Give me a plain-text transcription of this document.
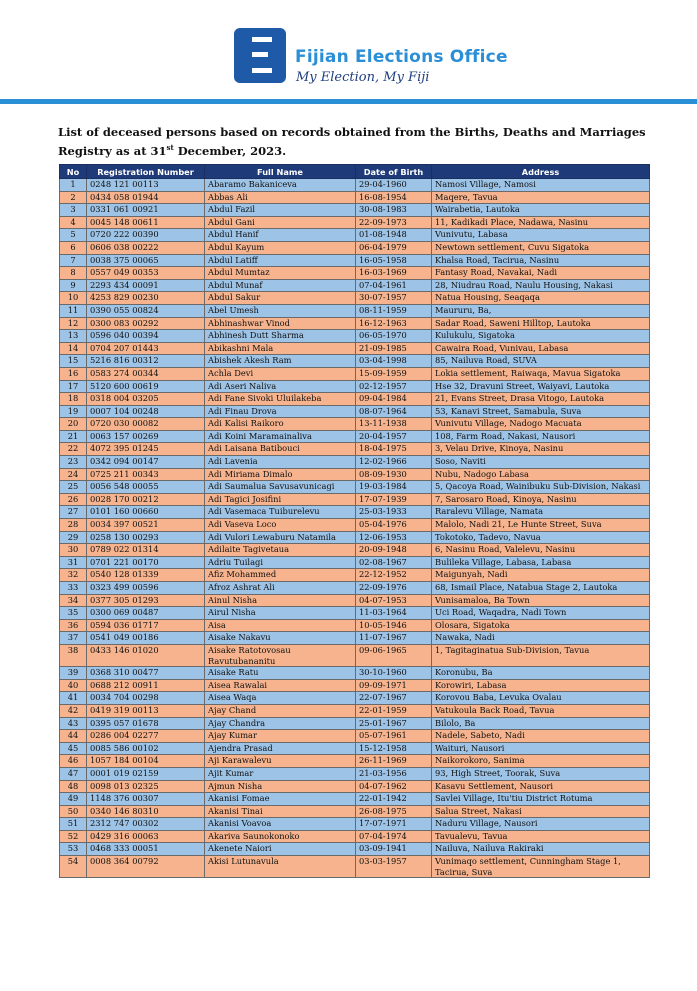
Fijian Elections Office
My Election, My Fiji
List of deceased persons based on records obtained from the Births, Deaths and Marriages Registry as at 31st December, 2023.
No	Registration Number	Full Name	Date of Birth	Address
1	0248 121 00113	Abaramo Bakaniceva	29-04-1960	Namosi Village, Namosi
2	0434 058 01944	Abbas Ali	16-08-1954	Maqere, Tavua
3	0331 061 00921	Abdul Fazil	30-08-1983	Wairabetia, Lautoka
4	0045 148 00611	Abdul Gani	22-09-1973	11, Kadikadi Place, Nadawa, Nasinu
5	0720 222 00390	Abdul Hanif	01-08-1948	Vunivutu, Labasa
6	0606 038 00222	Abdul Kayum	06-04-1979	Newtown settlement, Cuvu Sigatoka
7	0038 375 00065	Abdul Latiff	16-05-1958	Khalsa Road, Tacirua, Nasinu
8	0557 049 00353	Abdul Mumtaz	16-03-1969	Fantasy Road, Navakai, Nadi
9	2293 434 00091	Abdul Munaf	07-04-1961	28, Niudrau Road, Naulu Housing, Nakasi
10	4253 829 00230	Abdul Sakur	30-07-1957	Natua Housing, Seaqaqa
11	0390 055 00824	Abel Umesh	08-11-1959	Maururu, Ba,
12	0300 083 00292	Abhinashwar Vinod	16-12-1963	Sadar Road, Saweni Hilltop, Lautoka
13	0596 040 00394	Abhinesh Dutt Sharma	06-05-1970	Kulukulu, Sigatoka
14	0704 207 01443	Abikashni Mala	21-09-1985	Cawaira Road, Vunivau, Labasa
15	5216 816 00312	Abishek Akesh Ram	03-04-1998	85, Nailuva Road, SUVA
16	0583 274 00344	Achla Devi	15-09-1959	Lokia settlement, Raiwaqa, Mavua Sigatoka
17	5120 600 00619	Adi Aseri Naliva	02-12-1957	Hse 32, Dravuni Street, Waiyavi, Lautoka
18	0318 004 03205	Adi Fane Sivoki Uluilakeba	09-04-1984	21, Evans Street, Drasa Vitogo, Lautoka
19	0007 104 00248	Adi Finau Drova	08-07-1964	53, Kanavi Street, Samabula, Suva
20	0720 030 00082	Adi Kalisi Raikoro	13-11-1938	Vunivutu Village, Nadogo Macuata
21	0063 157 00269	Adi Koini Maramainaliva	20-04-1957	108, Farm Road, Nakasi, Nausori
22	4072 395 01245	Adi Laisana Batibouci	18-04-1975	3, Velau Drive, Kinoya, Nasinu
23	0342 094 00147	Adi Lavenia	12-02-1966	Soso, Naviti
24	0725 211 00343	Adi Miriama Dimalo	08-09-1930	Nubu, Nadogo Labasa
25	0056 548 00055	Adi Saumalua Savusavunicagi	19-03-1984	5, Qacoya Road, Wainibuku Sub-Division, Nakasi
26	0028 170 00212	Adi Tagici Josifini	17-07-1939	7, Sarosaro Road, Kinoya, Nasinu
27	0101 160 00660	Adi Vasemaca Tuiburelevu	25-03-1933	Raralevu Village, Namata
28	0034 397 00521	Adi Vaseva Loco	05-04-1976	Malolo, Nadi 21, Le Hunte Street, Suva
29	0258 130 00293	Adi Vulori Lewaburu Natamila	12-06-1953	Tokotoko, Tadevo, Navua
30	0789 022 01314	Adilaite Tagivetaua	20-09-1948	6, Nasinu Road, Valelevu, Nasinu
31	0701 221 00170	Adriu Tuilagi	02-08-1967	Bulileka Village, Labasa, Labasa
32	0540 128 01339	Afiz Mohammed	22-12-1952	Maigunyah, Nadi
33	0323 499 00596	Afroz Ashrat Ali	22-09-1976	68, Ismail Place, Natabua Stage 2, Lautoka
34	0377 305 01293	Ainul Nisha	04-07-1953	Vunisamaloa, Ba Town
35	0300 069 00487	Airul Nisha	11-03-1964	Uci Road, Waqadra, Nadi Town
36	0594 036 01717	Aisa	10-05-1946	Olosara, Sigatoka
37	0541 049 00186	Aisake Nakavu	11-07-1967	Nawaka, Nadi
38	0433 146 01020	Aisake Ratotovosau Ravutubananitu	09-06-1965	1, Tagitaginatua Sub-Division, Tavua
39	0368 310 00477	Aisake Ratu	30-10-1960	Koronubu, Ba
40	0688 212 00911	Aisea Rawalai	09-09-1971	Korowiri, Labasa
41	0034 704 00298	Aisea Waqa	22-07-1967	Korovou Baba, Levuka Ovalau
42	0419 319 00113	Ajay Chand	22-01-1959	Vatukoula Back Road, Tavua
43	0395 057 01678	Ajay Chandra	25-01-1967	Bilolo, Ba
44	0286 004 02277	Ajay Kumar	05-07-1961	Nadele, Sabeto, Nadi
45	0085 586 00102	Ajendra Prasad	15-12-1958	Waituri, Nausori
46	1057 184 00104	Aji Karawalevu	26-11-1969	Naikorokoro, Sanima
47	0001 019 02159	Ajit Kumar	21-03-1956	93, High Street, Toorak, Suva
48	0098 013 02325	Ajmun Nisha	04-07-1962	Kasavu Settlement, Nausori
49	1148 376 00307	Akanisi Fomae	22-01-1942	Savlei Village, Itu'tiu District Rotuma
50	0340 146 80310	Akanisi Tinai	26-08-1975	Salua Street, Nakasi
51	2312 747 00302	Akanisi Voavoa	17-07-1971	Naduru Village, Nausori
52	0429 316 00063	Akariva Saunokonoko	07-04-1974	Tavualevu, Tavua
53	0468 333 00051	Akenete Naiori	03-09-1941	Nailuva, Nailuva Rakiraki
54	0008 364 00792	Akisi Lutunavula	03-03-1957	Vunimaqo settlement, Cunningham Stage 1, Tacirua, Suva
